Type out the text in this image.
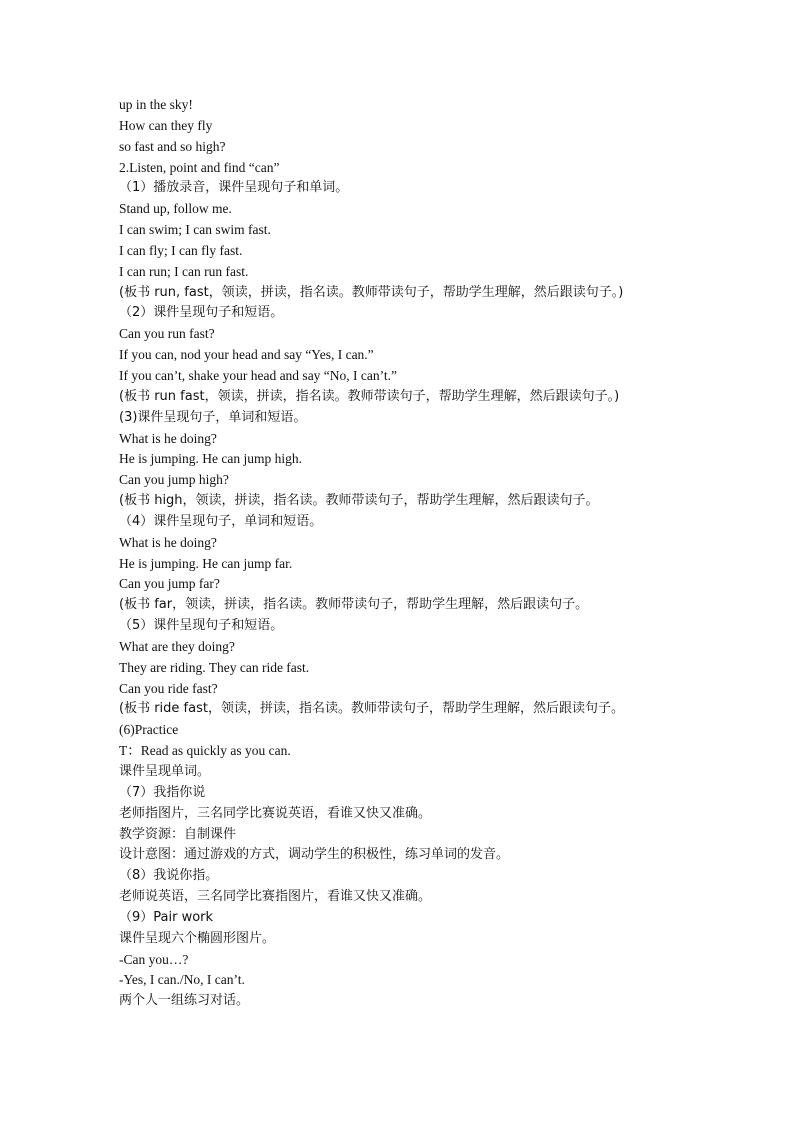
up in the sky!
How can they fly
so fast and so high?
2.Listen, point and find “can”
（1）播放录音，课件呈现句子和单词。
Stand up, follow me.
I can swim; I can swim fast.
I can fly; I can fly fast.
I can run; I can run fast.
(板书 run, fast，领读，拼读，指名读。教师带读句子，帮助学生理解，然后跟读句子。)
（2）课件呈现句子和短语。
Can you run fast?
If you can, nod your head and say “Yes, I can.”
If you can’t, shake your head and say “No, I can’t.”
(板书 run fast，领读，拼读，指名读。教师带读句子，帮助学生理解，然后跟读句子。)
(3)课件呈现句子，单词和短语。
What is he doing?
He is jumping. He can jump high.
Can you jump high?
(板书 high，领读，拼读，指名读。教师带读句子，帮助学生理解，然后跟读句子。
（4）课件呈现句子，单词和短语。
What is he doing?
He is jumping. He can jump far.
Can you jump far?
(板书 far，领读，拼读，指名读。教师带读句子，帮助学生理解，然后跟读句子。
（5）课件呈现句子和短语。
What are they doing?
They are riding. They can ride fast.
Can you ride fast?
(板书 ride fast，领读，拼读，指名读。教师带读句子，帮助学生理解，然后跟读句子。
(6)Practice
T：Read as quickly as you can.
课件呈现单词。
（7）我指你说
老师指图片，三名同学比赛说英语，看谁又快又准确。
教学资源：自制课件
设计意图：通过游戏的方式，调动学生的积极性，练习单词的发音。
（8）我说你指。
老师说英语，三名同学比赛指图片，看谁又快又准确。
（9）Pair work
课件呈现六个椭圆形图片。
-Can you…?
-Yes, I can./No, I can’t.
两个人一组练习对话。
